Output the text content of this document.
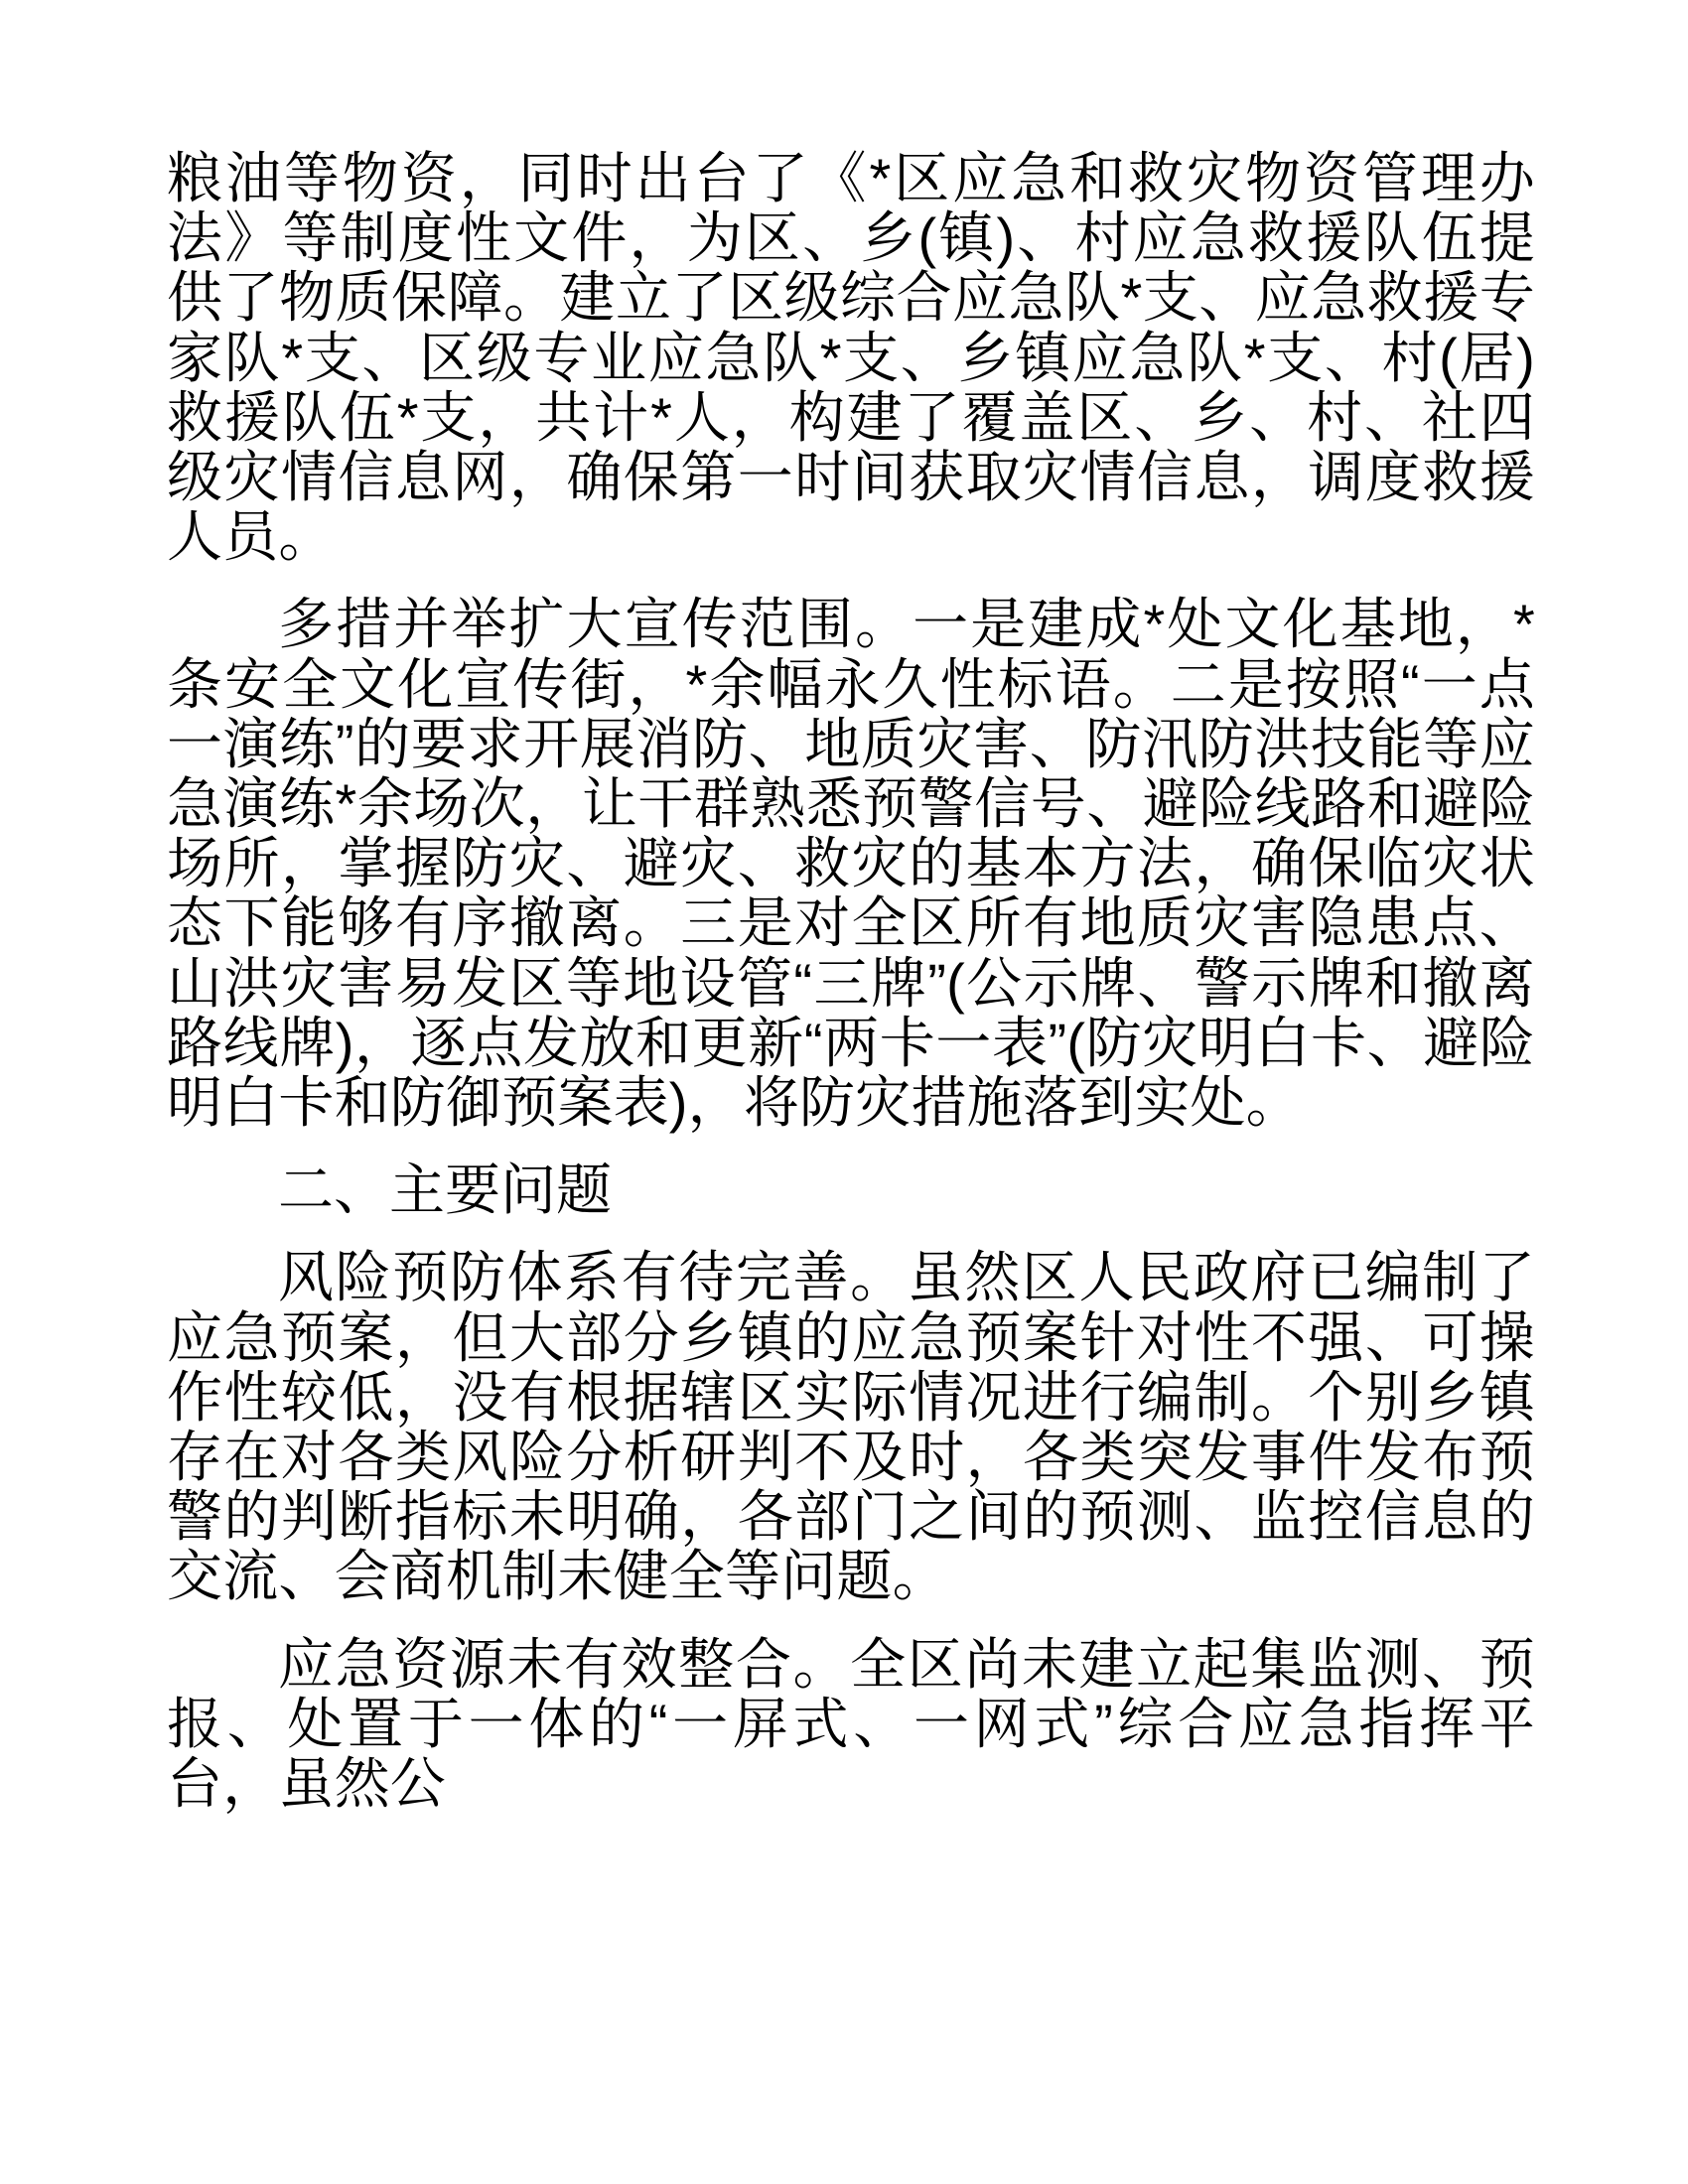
粮油等物资，同时出台了《*区应急和救灾物资管理办法》等制度性文件，为区、乡(镇)、村应急救援队伍提供了物质保障。建立了区级综合应急队*支、应急救援专家队*支、区级专业应急队*支、乡镇应急队*支、村(居)救援队伍*支，共计*人，构建了覆盖区、乡、村、社四级灾情信息网，确保第一时间获取灾情信息，调度救援人员。

多措并举扩大宣传范围。一是建成*处文化基地，*条安全文化宣传街，*余幅永久性标语。二是按照“一点一演练”的要求开展消防、地质灾害、防汛防洪技能等应急演练*余场次，让干群熟悉预警信号、避险线路和避险场所，掌握防灾、避灾、救灾的基本方法，确保临灾状态下能够有序撤离。三是对全区所有地质灾害隐患点、山洪灾害易发区等地设管“三牌”(公示牌、警示牌和撤离路线牌)，逐点发放和更新“两卡一表”(防灾明白卡、避险明白卡和防御预案表)，将防灾措施落到实处。

二、主要问题

风险预防体系有待完善。虽然区人民政府已编制了应急预案，但大部分乡镇的应急预案针对性不强、可操作性较低，没有根据辖区实际情况进行编制。个别乡镇存在对各类风险分析研判不及时，各类突发事件发布预警的判断指标未明确，各部门之间的预测、监控信息的交流、会商机制未健全等问题。

应急资源未有效整合。全区尚未建立起集监测、预报、处置于一体的“一屏式、一网式”综合应急指挥平台，虽然公
